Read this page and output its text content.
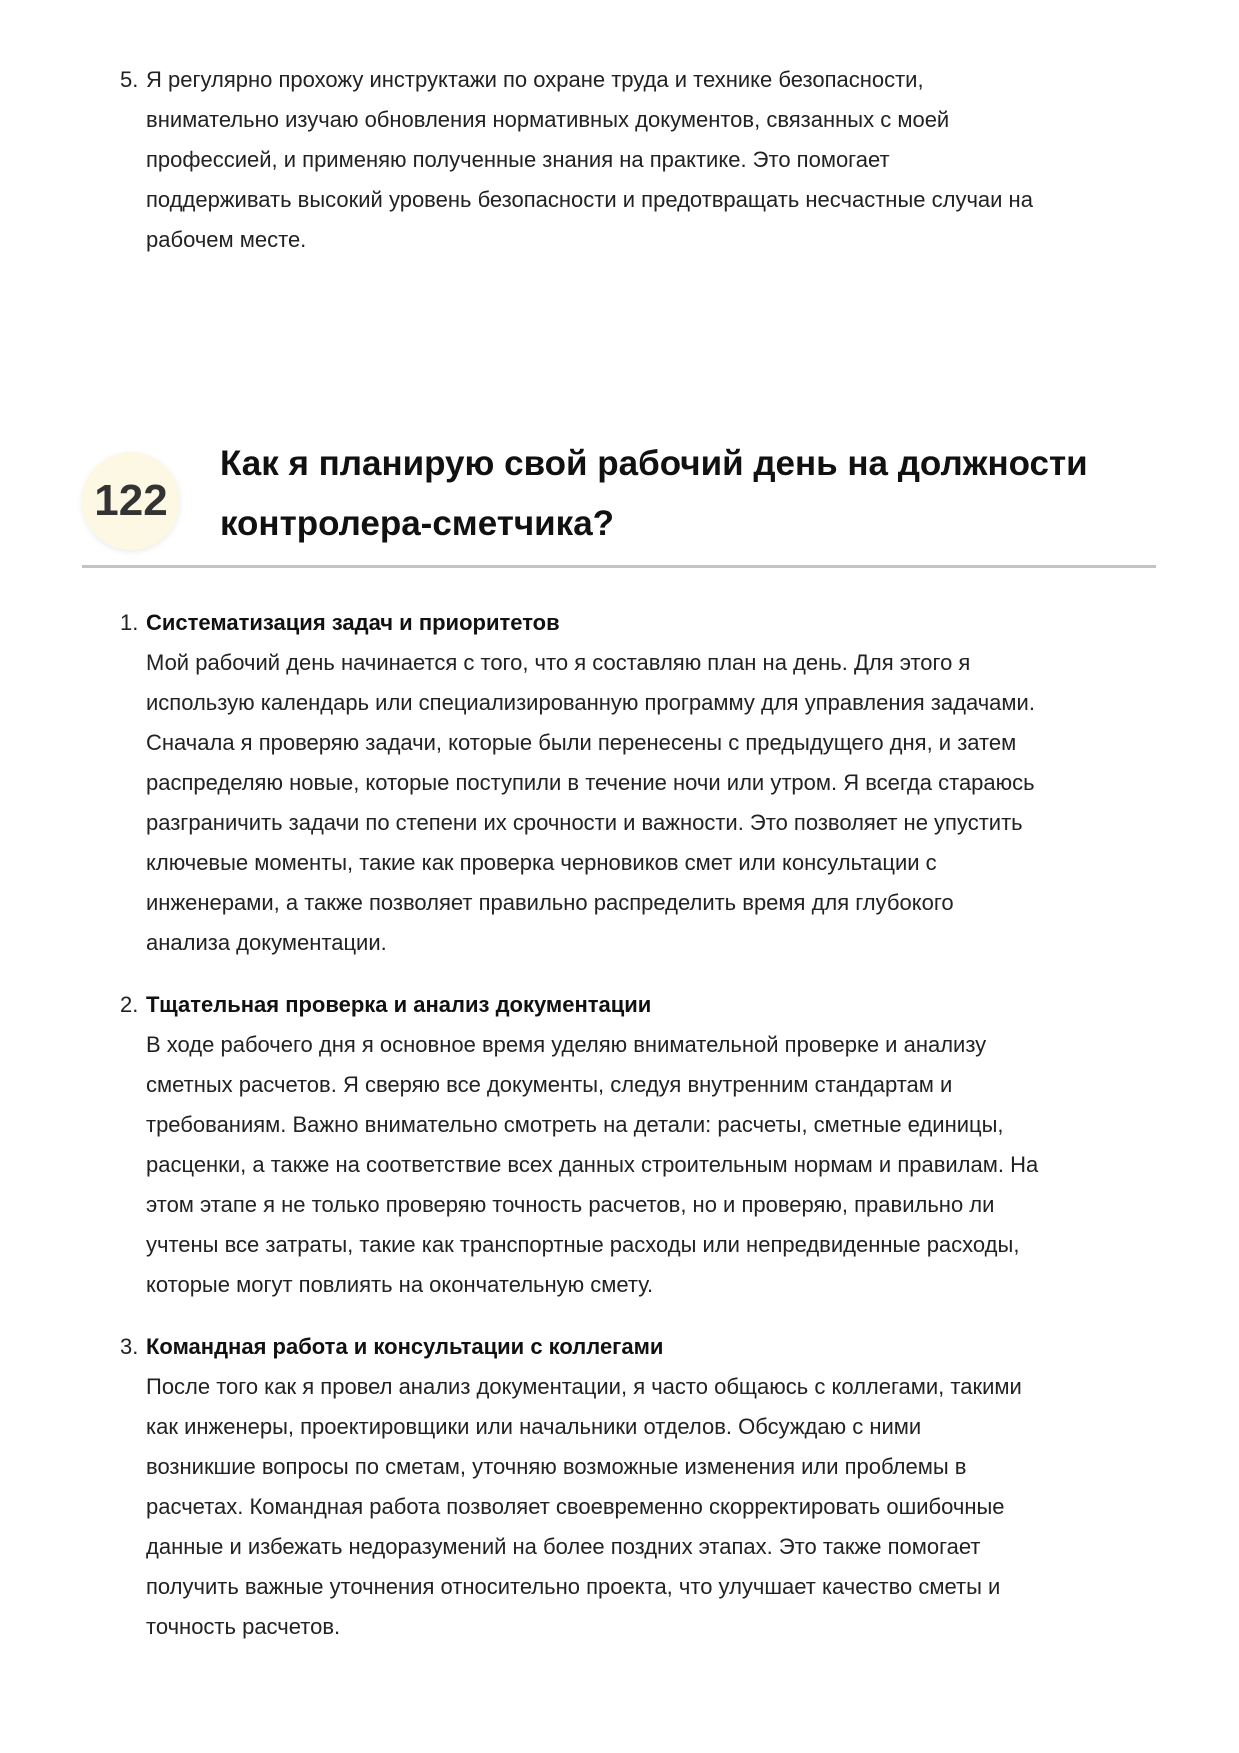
5. Я регулярно прохожу инструктажи по охране труда и технике безопасности,
внимательно изучаю обновления нормативных документов, связанных с моей
профессией, и применяю полученные знания на практике. Это помогает
поддерживать высокий уровень безопасности и предотвращать несчастные случаи на
рабочем месте.
122
Как я планирую свой рабочий день на должности
контролера-сметчика?
1. Систематизация задач и приоритетов
Мой рабочий день начинается с того, что я составляю план на день. Для этого я
использую календарь или специализированную программу для управления задачами.
Сначала я проверяю задачи, которые были перенесены с предыдущего дня, и затем
распределяю новые, которые поступили в течение ночи или утром. Я всегда стараюсь
разграничить задачи по степени их срочности и важности. Это позволяет не упустить
ключевые моменты, такие как проверка черновиков смет или консультации с
инженерами, а также позволяет правильно распределить время для глубокого
анализа документации.
2. Тщательная проверка и анализ документации
В ходе рабочего дня я основное время уделяю внимательной проверке и анализу
сметных расчетов. Я сверяю все документы, следуя внутренним стандартам и
требованиям. Важно внимательно смотреть на детали: расчеты, сметные единицы,
расценки, а также на соответствие всех данных строительным нормам и правилам. На
этом этапе я не только проверяю точность расчетов, но и проверяю, правильно ли
учтены все затраты, такие как транспортные расходы или непредвиденные расходы,
которые могут повлиять на окончательную смету.
3. Командная работа и консультации с коллегами
После того как я провел анализ документации, я часто общаюсь с коллегами, такими
как инженеры, проектировщики или начальники отделов. Обсуждаю с ними
возникшие вопросы по сметам, уточняю возможные изменения или проблемы в
расчетах. Командная работа позволяет своевременно скорректировать ошибочные
данные и избежать недоразумений на более поздних этапах. Это также помогает
получить важные уточнения относительно проекта, что улучшает качество сметы и
точность расчетов.
